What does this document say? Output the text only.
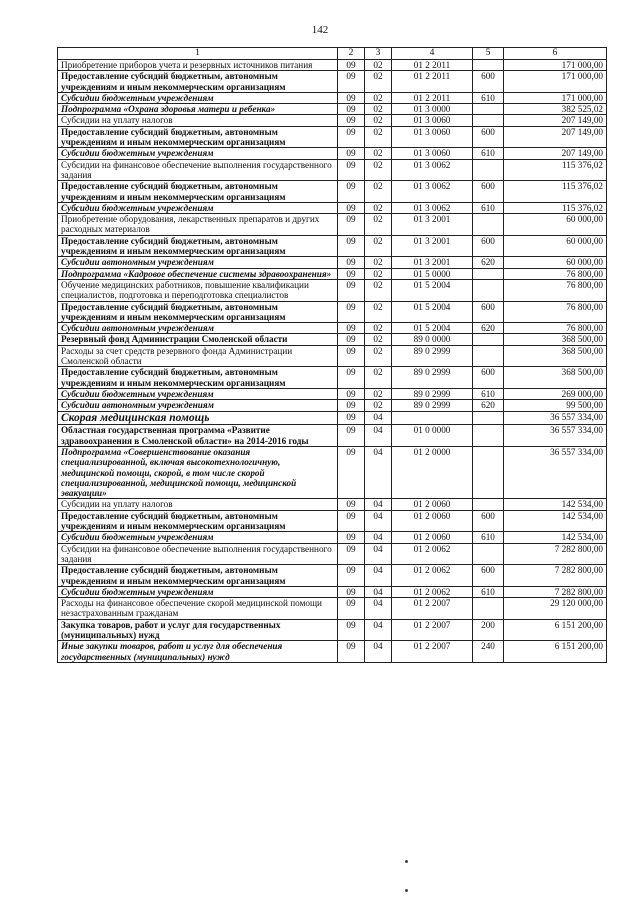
142
1	2	3	4	5	6
Приобретение приборов учета и резервных источников питания	09	02	01 2 2011		171 000,00
Предоставление субсидий бюджетным, автономным учреждениям и иным некоммерческим организациям	09	02	01 2 2011	600	171 000,00
Субсидии бюджетным учреждениям	09	02	01 2 2011	610	171 000,00
Подпрограмма «Охрана здоровья матери и ребенка»	09	02	01 3 0000		382 525,02
Субсидии на уплату налогов	09	02	01 3 0060		207 149,00
Предоставление субсидий бюджетным, автономным учреждениям и иным некоммерческим организациям	09	02	01 3 0060	600	207 149,00
Субсидии бюджетным учреждениям	09	02	01 3 0060	610	207 149,00
Субсидии на финансовое обеспечение выполнения государственного задания	09	02	01 3 0062		115 376,02
Предоставление субсидий бюджетным, автономным учреждениям и иным некоммерческим организациям	09	02	01 3 0062	600	115 376,02
Субсидии бюджетным учреждениям	09	02	01 3 0062	610	115 376,02
Приобретение оборудования, лекарственных препаратов и других расходных материалов	09	02	01 3 2001		60 000,00
Предоставление субсидий бюджетным, автономным учреждениям и иным некоммерческим организациям	09	02	01 3 2001	600	60 000,00
Субсидии автономным учреждениям	09	02	01 3 2001	620	60 000,00
Подпрограмма «Кадровое обеспечение системы здравоохранения»	09	02	01 5 0000		76 800,00
Обучение медицинских работников, повышение квалификации специалистов, подготовка и переподготовка специалистов	09	02	01 5 2004		76 800,00
Предоставление субсидий бюджетным, автономным учреждениям и иным некоммерческим организациям	09	02	01 5 2004	600	76 800,00
Субсидии автономным учреждениям	09	02	01 5 2004	620	76 800,00
Резервный фонд Администрации Смоленской области	09	02	89 0 0000		368 500,00
Расходы за счет средств резервного фонда Администрации Смоленской области	09	02	89 0 2999		368 500,00
Предоставление субсидий бюджетным, автономным учреждениям и иным некоммерческим организациям	09	02	89 0 2999	600	368 500,00
Субсидии бюджетным учреждениям	09	02	89 0 2999	610	269 000,00
Субсидии автономным учреждениям	09	02	89 0 2999	620	99 500,00
Скорая медицинская помощь	09	04			36 557 334,00
Областная государственная программа «Развитие здравоохранения в Смоленской области» на 2014-2016 годы	09	04	01 0 0000		36 557 334,00
Подпрограмма «Совершенствование оказания специализированной, включая высокотехнологичную, медицинской помощи, скорой, в том числе скорой специализированной, медицинской помощи, медицинской эвакуации»	09	04	01 2 0000		36 557 334,00
Субсидии на уплату налогов	09	04	01 2 0060		142 534,00
Предоставление субсидий бюджетным, автономным учреждениям и иным некоммерческим организациям	09	04	01 2 0060	600	142 534,00
Субсидии бюджетным учреждениям	09	04	01 2 0060	610	142 534,00
Субсидии на финансовое обеспечение выполнения государственного задания	09	04	01 2 0062		7 282 800,00
Предоставление субсидий бюджетным, автономным учреждениям и иным некоммерческим организациям	09	04	01 2 0062	600	7 282 800,00
Субсидии бюджетным учреждениям	09	04	01 2 0062	610	7 282 800,00
Расходы на финансовое обеспечение скорой медицинской помощи незастрахованным гражданам	09	04	01 2 2007		29 120 000,00
Закупка товаров, работ и услуг для государственных (муниципальных) нужд	09	04	01 2 2007	200	6 151 200,00
Иные закупки товаров, работ и услуг для обеспечения государственных (муниципальных) нужд	09	04	01 2 2007	240	6 151 200,00
